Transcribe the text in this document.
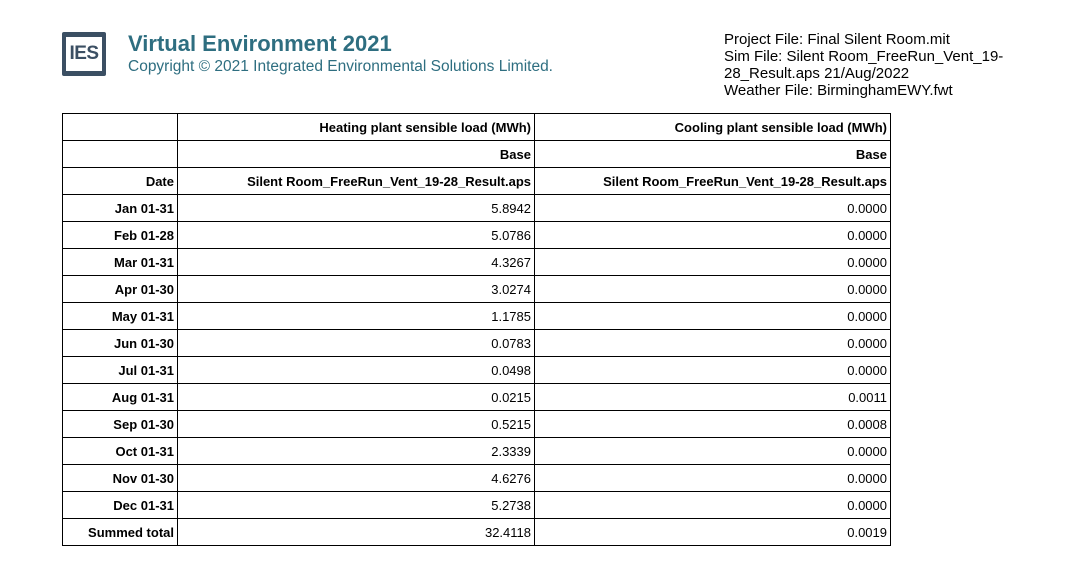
IES Virtual Environment 2021
Copyright © 2021 Integrated Environmental Solutions Limited.
Project File: Final Silent Room.mit
Sim File: Silent Room_FreeRun_Vent_19-28_Result.aps 21/Aug/2022
Weather File: BirminghamEWY.fwt
	Heating plant sensible load (MWh)	Cooling plant sensible load (MWh)
	Base	Base
Date	Silent Room_FreeRun_Vent_19-28_Result.aps	Silent Room_FreeRun_Vent_19-28_Result.aps
Jan 01-31	5.8942	0.0000
Feb 01-28	5.0786	0.0000
Mar 01-31	4.3267	0.0000
Apr 01-30	3.0274	0.0000
May 01-31	1.1785	0.0000
Jun 01-30	0.0783	0.0000
Jul 01-31	0.0498	0.0000
Aug 01-31	0.0215	0.0011
Sep 01-30	0.5215	0.0008
Oct 01-31	2.3339	0.0000
Nov 01-30	4.6276	0.0000
Dec 01-31	5.2738	0.0000
Summed total	32.4118	0.0019
